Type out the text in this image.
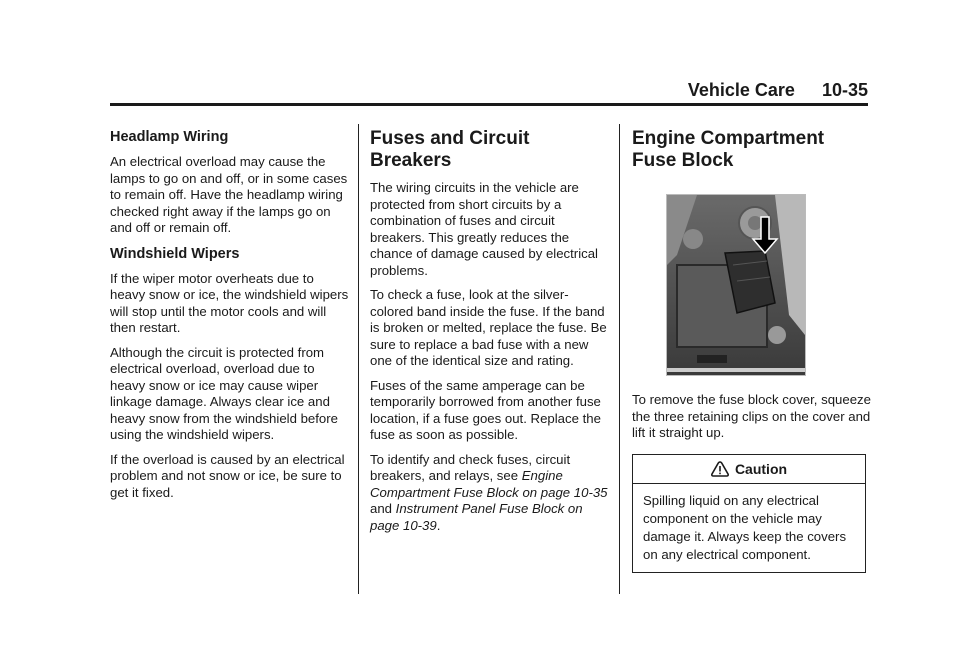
Vehicle Care 10-35
Headlamp Wiring

An electrical overload may cause the lamps to go on and off, or in some cases to remain off. Have the headlamp wiring checked right away if the lamps go on and off or remain off.

Windshield Wipers

If the wiper motor overheats due to heavy snow or ice, the windshield wipers will stop until the motor cools and will then restart.

Although the circuit is protected from electrical overload, overload due to heavy snow or ice may cause wiper linkage damage. Always clear ice and heavy snow from the windshield before using the windshield wipers.

If the overload is caused by an electrical problem and not snow or ice, be sure to get it fixed.

Fuses and Circuit Breakers

The wiring circuits in the vehicle are protected from short circuits by a combination of fuses and circuit breakers. This greatly reduces the chance of damage caused by electrical problems.

To check a fuse, look at the silver-colored band inside the fuse. If the band is broken or melted, replace the fuse. Be sure to replace a bad fuse with a new one of the identical size and rating.

Fuses of the same amperage can be temporarily borrowed from another fuse location, if a fuse goes out. Replace the fuse as soon as possible.

To identify and check fuses, circuit breakers, and relays, see Engine Compartment Fuse Block on page 10-35 and Instrument Panel Fuse Block on page 10-39.

Engine Compartment Fuse Block

To remove the fuse block cover, squeeze the three retaining clips on the cover and lift it straight up.

Caution

Spilling liquid on any electrical component on the vehicle may damage it. Always keep the covers on any electrical component.
